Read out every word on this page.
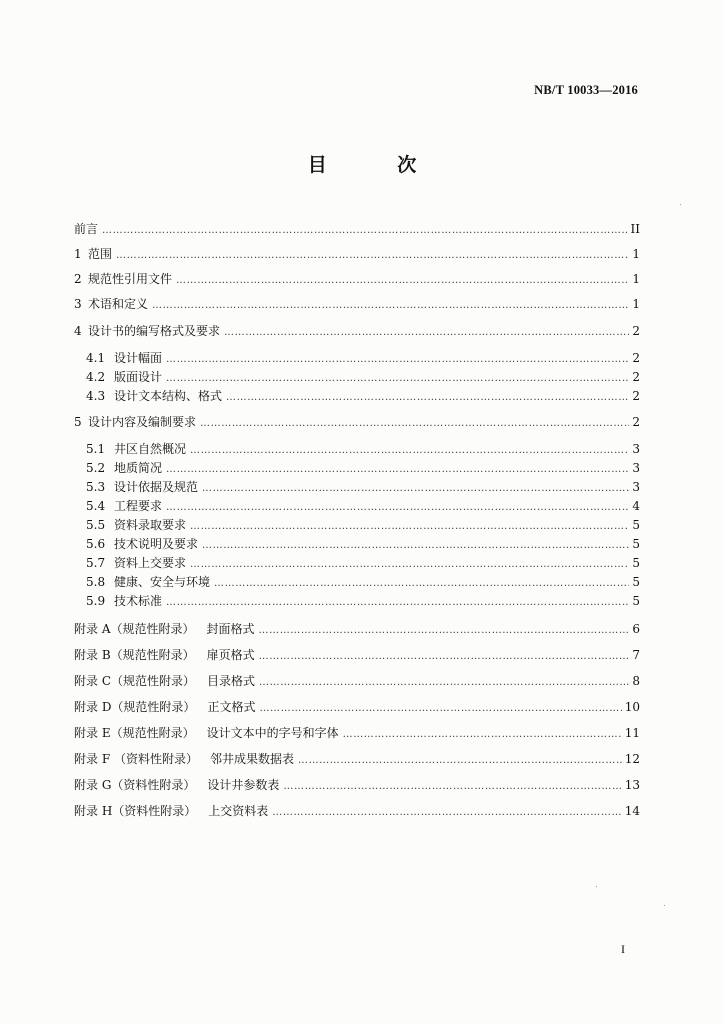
NB/T 10033—2016
目 次
前言 ……………………………………………………………………………………………………………………………………………………………………………………………………………………	II
1 范围 ……………………………………………………………………………………………………………………………………………………………………………………………………………………	1
2 规范性引用文件 ……………………………………………………………………………………………………………………………………………………………………………………………………………………	1
3 术语和定义 ……………………………………………………………………………………………………………………………………………………………………………………………………………………	1
4 设计书的编写格式及要求 ……………………………………………………………………………………………………………………………………………………………………………………………………………………	2
4.1 设计幅面 ……………………………………………………………………………………………………………………………………………………………………………………………………………………	2
4.2 版面设计 ……………………………………………………………………………………………………………………………………………………………………………………………………………………	2
4.3 设计文本结构、格式 ……………………………………………………………………………………………………………………………………………………………………………………………………………………	2
5 设计内容及编制要求 ……………………………………………………………………………………………………………………………………………………………………………………………………………………	2
5.1 井区自然概况 ……………………………………………………………………………………………………………………………………………………………………………………………………………………	3
5.2 地质简况 ……………………………………………………………………………………………………………………………………………………………………………………………………………………	3
5.3 设计依据及规范 ……………………………………………………………………………………………………………………………………………………………………………………………………………………	3
5.4 工程要求 ……………………………………………………………………………………………………………………………………………………………………………………………………………………	4
5.5 资料录取要求 ……………………………………………………………………………………………………………………………………………………………………………………………………………………	5
5.6 技术说明及要求 ……………………………………………………………………………………………………………………………………………………………………………………………………………………	5
5.7 资料上交要求 ……………………………………………………………………………………………………………………………………………………………………………………………………………………	5
5.8 健康、安全与环境 ……………………………………………………………………………………………………………………………………………………………………………………………………………………	5
5.9 技术标准 ……………………………………………………………………………………………………………………………………………………………………………………………………………………	5
附录 A（规范性附录）	封面格式 ……………………………………………………………………………………………………………………………………………………………………………………………………………………	6
附录 B（规范性附录）	扉页格式 ……………………………………………………………………………………………………………………………………………………………………………………………………………………	7
附录 C（规范性附录）	目录格式 ……………………………………………………………………………………………………………………………………………………………………………………………………………………	8
附录 D（规范性附录）	正文格式 ……………………………………………………………………………………………………………………………………………………………………………………………………………………	10
附录 E（规范性附录）	设计文本中的字号和字体 ……………………………………………………………………………………………………………………………………………………………………………………………………………………	11
附录 F （资料性附录）	邻井成果数据表 ……………………………………………………………………………………………………………………………………………………………………………………………………………………	12
附录 G（资料性附录）	设计井参数表 ……………………………………………………………………………………………………………………………………………………………………………………………………………………	13
附录 H（资料性附录）	上交资料表 ……………………………………………………………………………………………………………………………………………………………………………………………………………………	14
I
